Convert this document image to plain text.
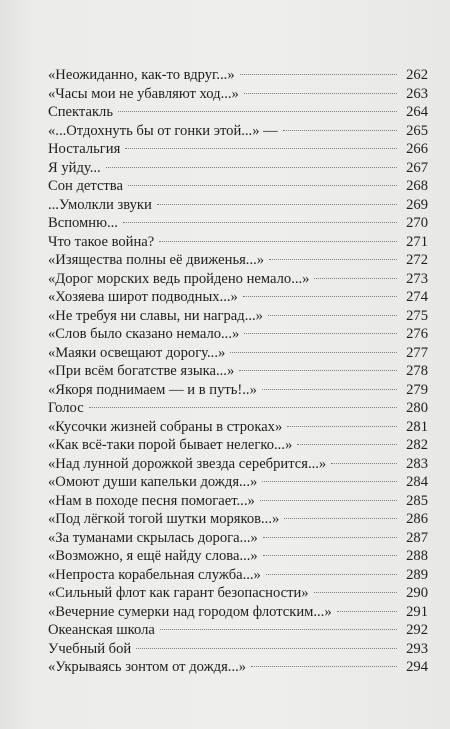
«Неожиданно, как-то вдруг...»	262
«Часы мои не убавляют ход...»	263
Спектакль	264
«...Отдохнуть бы от гонки этой...» —	265
Ностальгия	266
Я уйду...	267
Сон детства	268
...Умолкли звуки	269
Вспомню...	270
Что такое война?	271
«Изящества полны её движенья...»	272
«Дорог морских ведь пройдено немало...»	273
«Хозяева широт подводных...»	274
«Не требуя ни славы, ни наград...»	275
«Слов было сказано немало...»	276
«Маяки освещают дорогу...»	277
«При всём богатстве языка...»	278
«Якоря поднимаем — и в путь!..»	279
Голос	280
«Кусочки жизней собраны в строках»	281
«Как всё-таки порой бывает нелегко...»	282
«Над лунной дорожкой звезда серебрится...»	283
«Омоют души капельки дождя...»	284
«Нам в походе песня помогает...»	285
«Под лёгкой тогой шутки моряков...»	286
«За туманами скрылась дорога...»	287
«Возможно, я ещё найду слова...»	288
«Непроста корабельная служба...»	289
«Сильный флот как гарант безопасности»	290
«Вечерние сумерки над городом флотским...»	291
Океанская школа	292
Учебный бой	293
«Укрываясь зонтом от дождя...»	294
